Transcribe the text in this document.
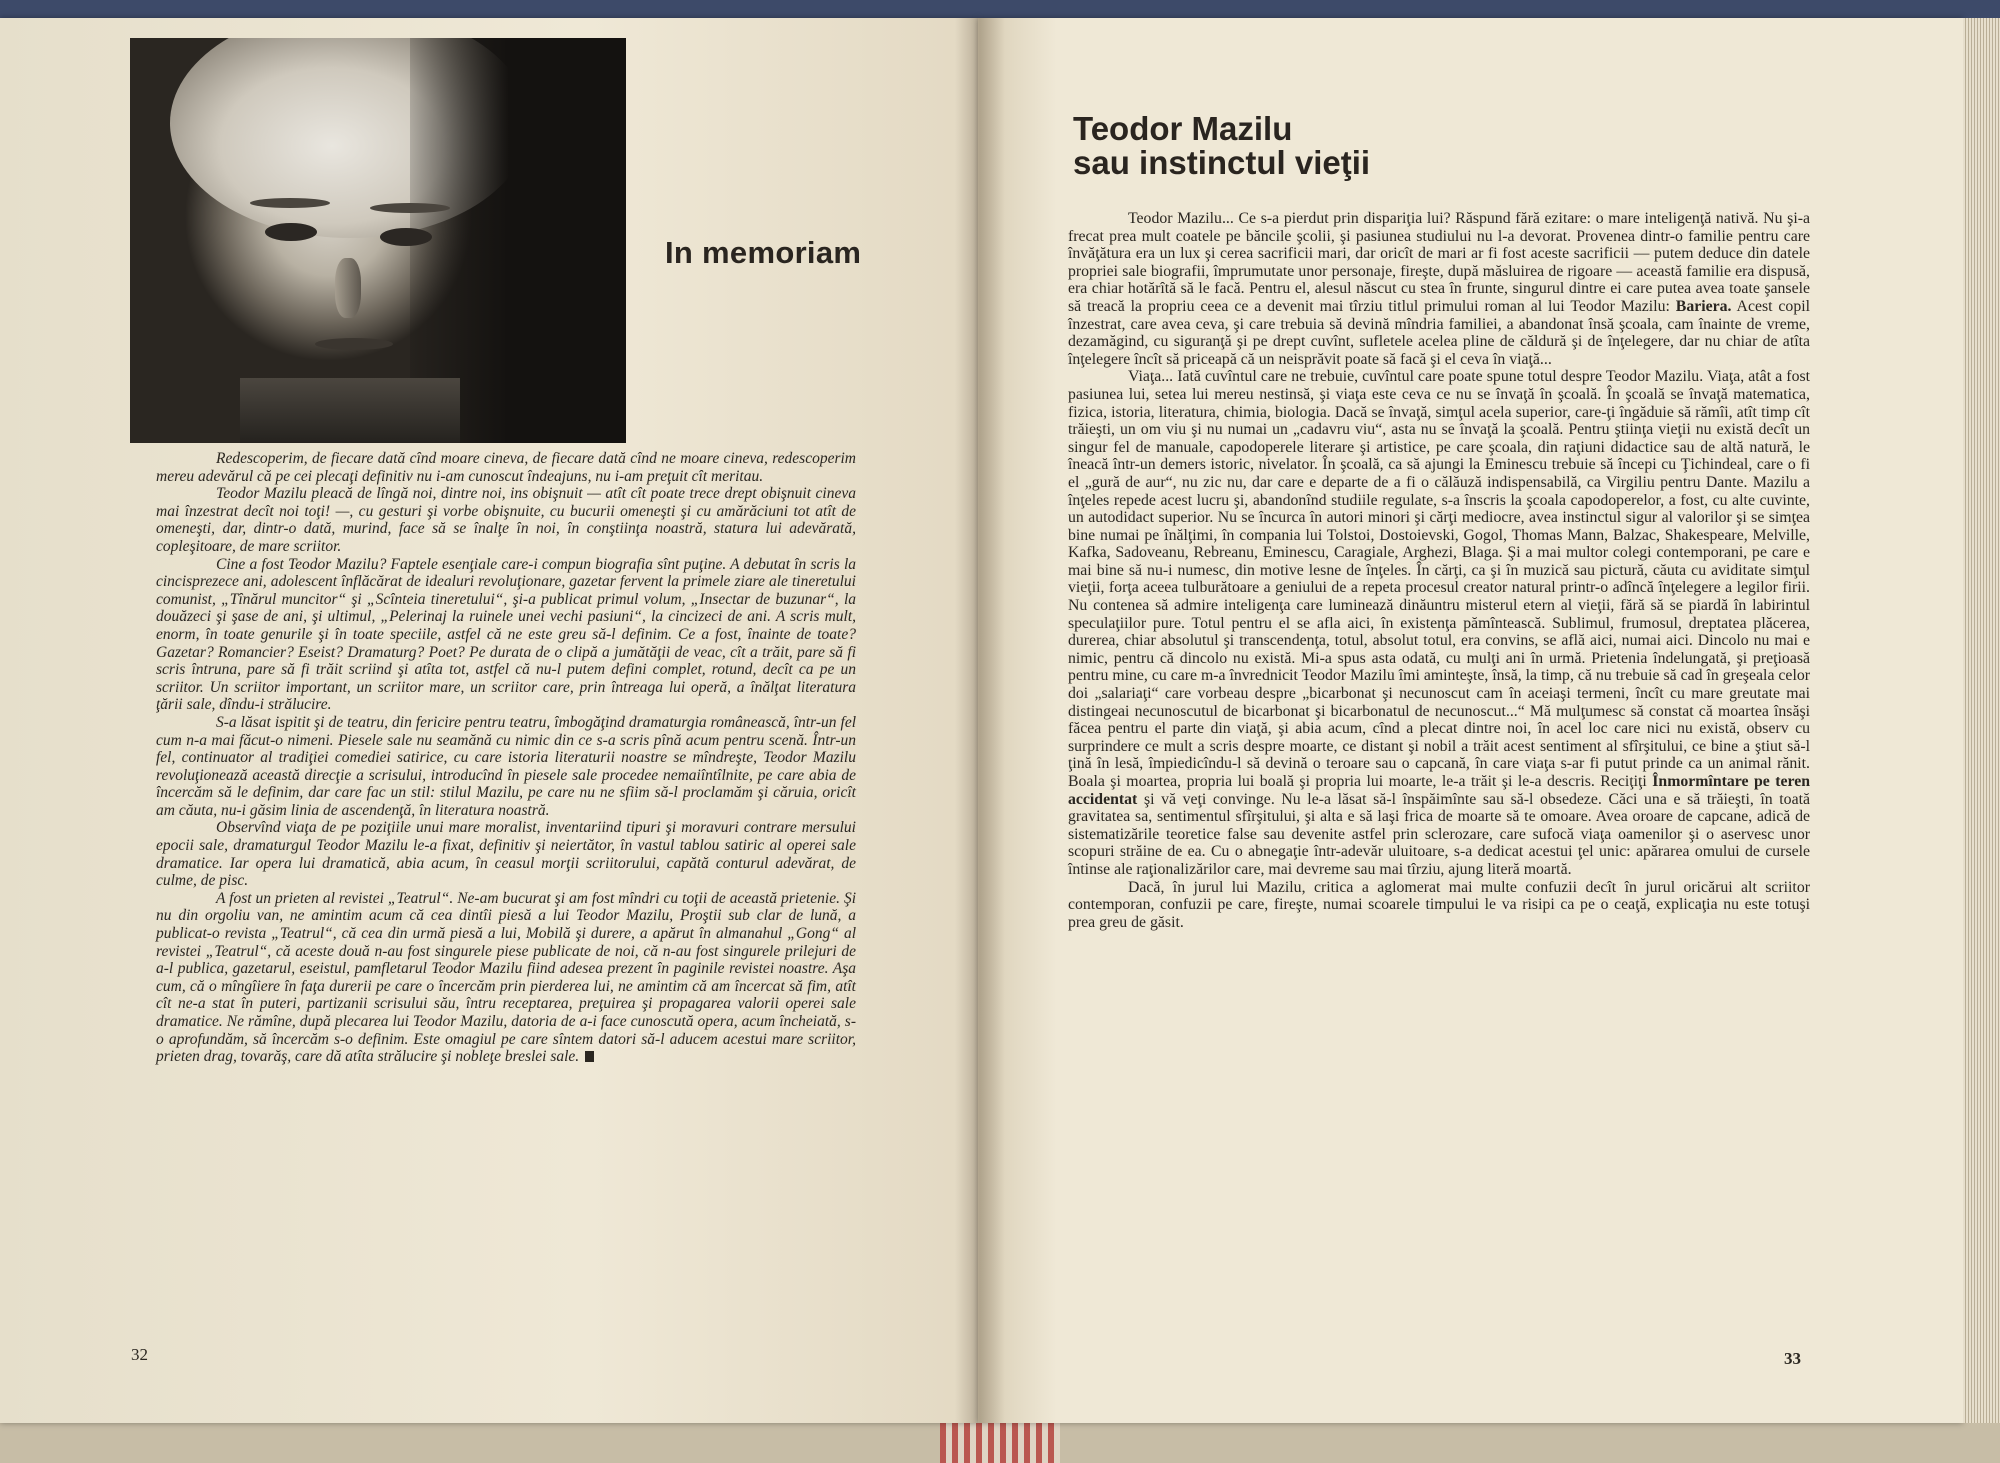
In memoriam

Redescoperim, de fiecare dată cînd moare cineva, de fiecare dată cînd ne moare cineva, redescoperim mereu adevărul că pe cei plecaţi definitiv nu i-am cunoscut îndeajuns, nu i-am preţuit cît meritau.

Teodor Mazilu pleacă de lîngă noi, dintre noi, ins obişnuit — atît cît poate trece drept obişnuit cineva mai înzestrat decît noi toţi! —, cu gesturi şi vorbe obişnuite, cu bucurii omeneşti şi cu amărăciuni tot atît de omeneşti, dar, dintr-o dată, murind, face să se înalţe în noi, în conştiinţa noastră, statura lui adevărată, copleşitoare, de mare scriitor.

Cine a fost Teodor Mazilu? Faptele esenţiale care-i compun biografia sînt puţine. A debutat în scris la cincisprezece ani, adolescent înflăcărat de idealuri revoluţionare, gazetar fervent la primele ziare ale tineretului comunist, „Tînărul muncitor“ şi „Scînteia tineretului“, şi-a publicat primul volum, „Insectar de buzunar“, la douăzeci şi şase de ani, şi ultimul, „Pelerinaj la ruinele unei vechi pasiuni“, la cincizeci de ani. A scris mult, enorm, în toate genurile şi în toate speciile, astfel că ne este greu să-l definim. Ce a fost, înainte de toate? Gazetar? Romancier? Eseist? Dramaturg? Poet? Pe durata de o clipă a jumătăţii de veac, cît a trăit, pare să fi scris întruna, pare să fi trăit scriind şi atîta tot, astfel că nu-l putem defini complet, rotund, decît ca pe un scriitor. Un scriitor important, un scriitor mare, un scriitor care, prin întreaga lui operă, a înălţat literatura ţării sale, dîndu-i strălucire.

S-a lăsat ispitit şi de teatru, din fericire pentru teatru, îmbogăţind dramaturgia românească, într-un fel cum n-a mai făcut-o nimeni. Piesele sale nu seamănă cu nimic din ce s-a scris pînă acum pentru scenă. Într-un fel, continuator al tradiţiei comediei satirice, cu care istoria literaturii noastre se mîndreşte, Teodor Mazilu revoluţionează această direcţie a scrisului, introducînd în piesele sale procedee nemaiîntîlnite, pe care abia de încercăm să le definim, dar care fac un stil: stilul Mazilu, pe care nu ne sfiim să-l proclamăm şi căruia, oricît am căuta, nu-i găsim linia de ascendenţă, în literatura noastră.

Observînd viaţa de pe poziţiile unui mare moralist, inventariind tipuri şi moravuri contrare mersului epocii sale, dramaturgul Teodor Mazilu le-a fixat, definitiv şi neiertător, în vastul tablou satiric al operei sale dramatice. Iar opera lui dramatică, abia acum, în ceasul morţii scriitorului, capătă conturul adevărat, de culme, de pisc.

A fost un prieten al revistei „Teatrul“. Ne-am bucurat şi am fost mîndri cu toţii de această prietenie. Şi nu din orgoliu van, ne amintim acum că cea dintîi piesă a lui Teodor Mazilu, Proştii sub clar de lună, a publicat-o revista „Teatrul“, că cea din urmă piesă a lui, Mobilă şi durere, a apărut în almanahul „Gong“ al revistei „Teatrul“, că aceste două n-au fost singurele piese publicate de noi, că n-au fost singurele prilejuri de a-l publica, gazetarul, eseistul, pamfletarul Teodor Mazilu fiind adesea prezent în paginile revistei noastre. Aşa cum, că o mîngîiere în faţa durerii pe care o încercăm prin pierderea lui, ne amintim că am încercat să fim, atît cît ne-a stat în puteri, partizanii scrisului său, întru receptarea, preţuirea şi propagarea valorii operei sale dramatice. Ne rămîne, după plecarea lui Teodor Mazilu, datoria de a-i face cunoscută opera, acum încheiată, s-o aprofundăm, să încercăm s-o definim. Este omagiul pe care sîntem datori să-l aducem acestui mare scriitor, prieten drag, tovarăş, care dă atîta strălucire şi nobleţe breslei sale.

32
Teodor Mazilu
sau instinctul vieţii

Teodor Mazilu... Ce s-a pierdut prin dispariţia lui? Răspund fără ezitare: o mare inteligenţă nativă. Nu şi-a frecat prea mult coatele pe băncile şcolii, şi pasiunea studiului nu l-a devorat. Provenea dintr-o familie pentru care învăţătura era un lux şi cerea sacrificii mari, dar oricît de mari ar fi fost aceste sacrificii — putem deduce din datele propriei sale biografii, împrumutate unor personaje, fireşte, după măsluirea de rigoare — această familie era dispusă, era chiar hotărîtă să le facă. Pentru el, alesul născut cu stea în frunte, singurul dintre ei care putea avea toate şansele să treacă la propriu ceea ce a devenit mai tîrziu titlul primului roman al lui Teodor Mazilu: Bariera. Acest copil înzestrat, care avea ceva, şi care trebuia să devină mîndria familiei, a abandonat însă şcoala, cam înainte de vreme, dezamăgind, cu siguranţă şi pe drept cuvînt, sufletele acelea pline de căldură şi de înţelegere, dar nu chiar de atîta înţelegere încît să priceapă că un neisprăvit poate să facă şi el ceva în viaţă...

Viaţa... Iată cuvîntul care ne trebuie, cuvîntul care poate spune totul despre Teodor Mazilu. Viaţa, atât a fost pasiunea lui, setea lui mereu nestinsă, şi viaţa este ceva ce nu se învaţă în şcoală. În şcoală se învaţă matematica, fizica, istoria, literatura, chimia, biologia. Dacă se învaţă, simţul acela superior, care-ţi îngăduie să rămîi, atît timp cît trăieşti, un om viu şi nu numai un „cadavru viu“, asta nu se învaţă la şcoală. Pentru ştiinţa vieţii nu există decît un singur fel de manuale, capodoperele literare şi artistice, pe care şcoala, din raţiuni didactice sau de altă natură, le îneacă într-un demers istoric, nivelator. În şcoală, ca să ajungi la Eminescu trebuie să începi cu Ţichindeal, care o fi el „gură de aur“, nu zic nu, dar care e departe de a fi o călăuză indispensabilă, ca Virgiliu pentru Dante. Mazilu a înţeles repede acest lucru şi, abandonînd studiile regulate, s-a înscris la şcoala capodoperelor, a fost, cu alte cuvinte, un autodidact superior. Nu se încurca în autori minori şi cărţi mediocre, avea instinctul sigur al valorilor şi se simţea bine numai pe înălţimi, în compania lui Tolstoi, Dostoievski, Gogol, Thomas Mann, Balzac, Shakespeare, Melville, Kafka, Sadoveanu, Rebreanu, Eminescu, Caragiale, Arghezi, Blaga. Şi a mai multor colegi contemporani, pe care e mai bine să nu-i numesc, din motive lesne de înţeles. În cărţi, ca şi în muzică sau pictură, căuta cu aviditate simţul vieţii, forţa aceea tulburătoare a geniului de a repeta procesul creator natural printr-o adîncă înţelegere a legilor firii. Nu contenea să admire inteligenţa care luminează dinăuntru misterul etern al vieţii, fără să se piardă în labirintul speculaţiilor pure. Totul pentru el se afla aici, în existenţa pămîntească. Sublimul, frumosul, dreptatea plăcerea, durerea, chiar absolutul şi transcendenţa, totul, absolut totul, era convins, se află aici, numai aici. Dincolo nu mai e nimic, pentru că dincolo nu există. Mi-a spus asta odată, cu mulţi ani în urmă. Prietenia îndelungată, şi preţioasă pentru mine, cu care m-a învrednicit Teodor Mazilu îmi aminteşte, însă, la timp, că nu trebuie să cad în greşeala celor doi „salariaţi“ care vorbeau despre „bicarbonat şi necunoscut cam în aceiaşi termeni, încît cu mare greutate mai distingeai necunoscutul de bicarbonat şi bicarbonatul de necunoscut...“ Mă mulţumesc să constat că moartea însăşi făcea pentru el parte din viaţă, şi abia acum, cînd a plecat dintre noi, în acel loc care nici nu există, observ cu surprindere ce mult a scris despre moarte, ce distant şi nobil a trăit acest sentiment al sfîrşitului, ce bine a ştiut să-l ţină în lesă, împiedicîndu-l să devină o teroare sau o capcană, în care viaţa s-ar fi putut prinde ca un animal rănit. Boala şi moartea, propria lui boală şi propria lui moarte, le-a trăit şi le-a descris. Reciţiţi Înmormîntare pe teren accidentat şi vă veţi convinge. Nu le-a lăsat să-l înspăimînte sau să-l obsedeze. Căci una e să trăieşti, în toată gravitatea sa, sentimentul sfîrşitului, şi alta e să laşi frica de moarte să te omoare. Avea oroare de capcane, adică de sistematizările teoretice false sau devenite astfel prin sclerozare, care sufocă viaţa oamenilor şi o aservesc unor scopuri străine de ea. Cu o abnegaţie într-adevăr uluitoare, s-a dedicat acestui ţel unic: apărarea omului de cursele întinse ale raţionalizărilor care, mai devreme sau mai tîrziu, ajung literă moartă.

Dacă, în jurul lui Mazilu, critica a aglomerat mai multe confuzii decît în jurul oricărui alt scriitor contemporan, confuzii pe care, fireşte, numai scoarele timpului le va risipi ca pe o ceaţă, explicaţia nu este totuşi prea greu de găsit.

33
